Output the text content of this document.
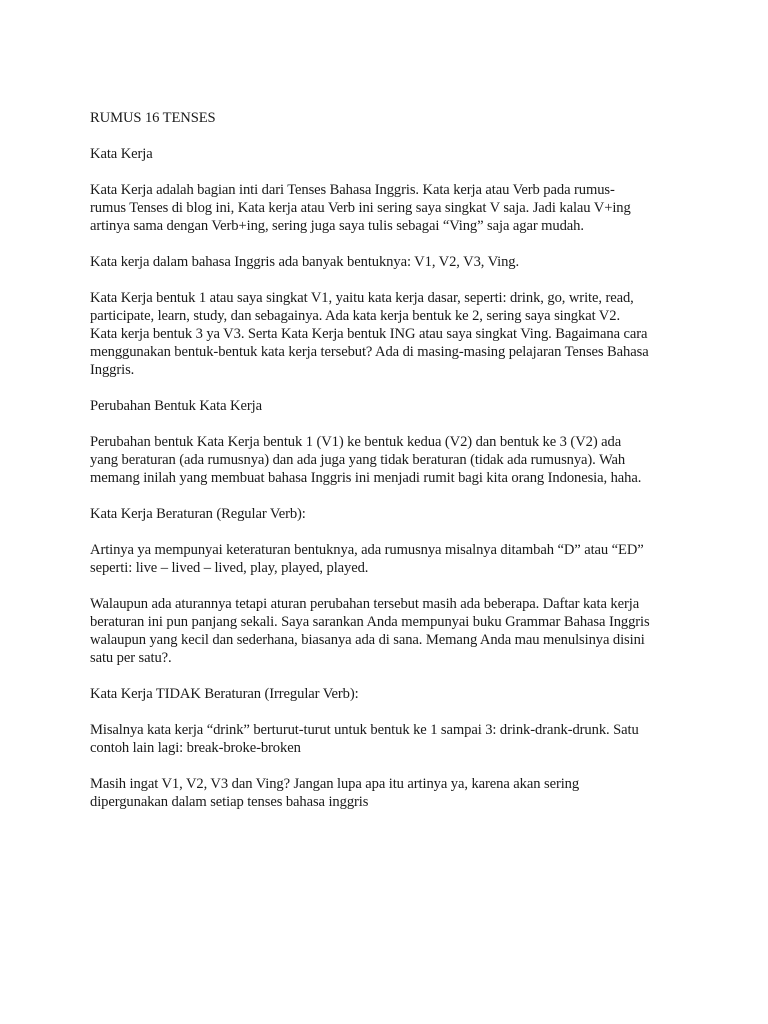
RUMUS 16 TENSES

Kata Kerja

Kata Kerja adalah bagian inti dari Tenses Bahasa Inggris. Kata kerja atau Verb pada rumus-
rumus Tenses di blog ini, Kata kerja atau Verb ini sering saya singkat V saja. Jadi kalau V+ing
artinya sama dengan Verb+ing, sering juga saya tulis sebagai “Ving” saja agar mudah.

Kata kerja dalam bahasa Inggris ada banyak bentuknya: V1, V2, V3, Ving.

Kata Kerja bentuk 1 atau saya singkat V1, yaitu kata kerja dasar, seperti: drink, go, write, read,
participate, learn, study, dan sebagainya. Ada kata kerja bentuk ke 2, sering saya singkat V2.
Kata kerja bentuk 3 ya V3. Serta Kata Kerja bentuk ING atau saya singkat Ving. Bagaimana cara
menggunakan bentuk-bentuk kata kerja tersebut? Ada di masing-masing pelajaran Tenses Bahasa
Inggris.

Perubahan Bentuk Kata Kerja

Perubahan bentuk Kata Kerja bentuk 1 (V1) ke bentuk kedua (V2) dan bentuk ke 3 (V2) ada
yang beraturan (ada rumusnya) dan ada juga yang tidak beraturan (tidak ada rumusnya). Wah
memang inilah yang membuat bahasa Inggris ini menjadi rumit bagi kita orang Indonesia, haha.

Kata Kerja Beraturan (Regular Verb):

Artinya ya mempunyai keteraturan bentuknya, ada rumusnya misalnya ditambah “D” atau “ED”
seperti: live – lived – lived, play, played, played.

Walaupun ada aturannya tetapi aturan perubahan tersebut masih ada beberapa. Daftar kata kerja
beraturan ini pun panjang sekali. Saya sarankan Anda mempunyai buku Grammar Bahasa Inggris
walaupun yang kecil dan sederhana, biasanya ada di sana. Memang Anda mau menulsinya disini
satu per satu?.

Kata Kerja TIDAK Beraturan (Irregular Verb):

Misalnya kata kerja “drink” berturut-turut untuk bentuk ke 1 sampai 3: drink-drank-drunk. Satu
contoh lain lagi: break-broke-broken

Masih ingat V1, V2, V3 dan Ving? Jangan lupa apa itu artinya ya, karena akan sering
dipergunakan dalam setiap tenses bahasa inggris
